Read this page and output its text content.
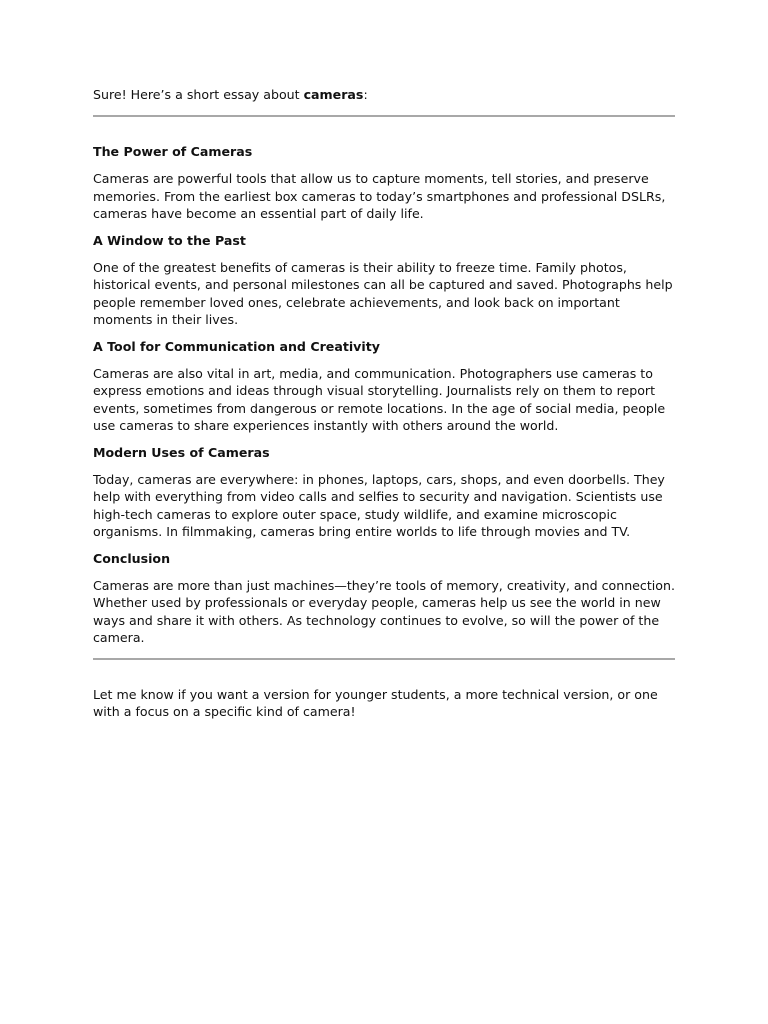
Sure! Here’s a short essay about cameras:

The Power of Cameras

Cameras are powerful tools that allow us to capture moments, tell stories, and preserve memories. From the earliest box cameras to today’s smartphones and professional DSLRs, cameras have become an essential part of daily life.

A Window to the Past

One of the greatest benefits of cameras is their ability to freeze time. Family photos, historical events, and personal milestones can all be captured and saved. Photographs help people remember loved ones, celebrate achievements, and look back on important moments in their lives.

A Tool for Communication and Creativity

Cameras are also vital in art, media, and communication. Photographers use cameras to express emotions and ideas through visual storytelling. Journalists rely on them to report events, sometimes from dangerous or remote locations. In the age of social media, people use cameras to share experiences instantly with others around the world.

Modern Uses of Cameras

Today, cameras are everywhere: in phones, laptops, cars, shops, and even doorbells. They help with everything from video calls and selfies to security and navigation. Scientists use high-tech cameras to explore outer space, study wildlife, and examine microscopic organisms. In filmmaking, cameras bring entire worlds to life through movies and TV.

Conclusion

Cameras are more than just machines—they’re tools of memory, creativity, and connection. Whether used by professionals or everyday people, cameras help us see the world in new ways and share it with others. As technology continues to evolve, so will the power of the camera.

Let me know if you want a version for younger students, a more technical version, or one with a focus on a specific kind of camera!
